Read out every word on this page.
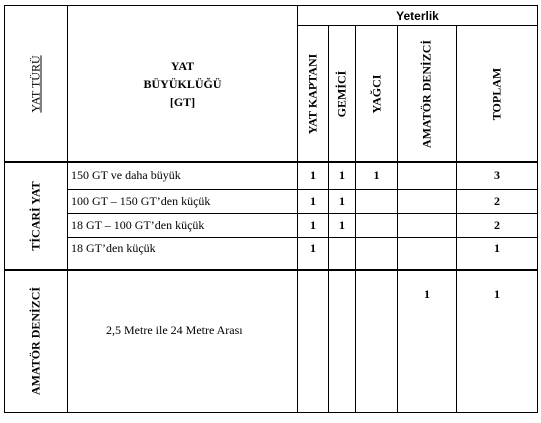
YAT TÜRÜ	YAT
BÜYÜKLÜĞÜ
[GT]	Yeterlik				

		YAT KAPTANI	GEMİCİ	YAĞCI	AMATÖR DENİZCİ	TOPLAM

TİCARİ YAT	150 GT ve daha büyük	1	1	1		3
	100 GT – 150 GT’den küçük	1	1			2
	18 GT – 100 GT’den küçük	1	1			2
	18 GT’den küçük	1				1

AMATÖR DENİZCİ	2,5 Metre ile 24 Metre Arası				1	1
